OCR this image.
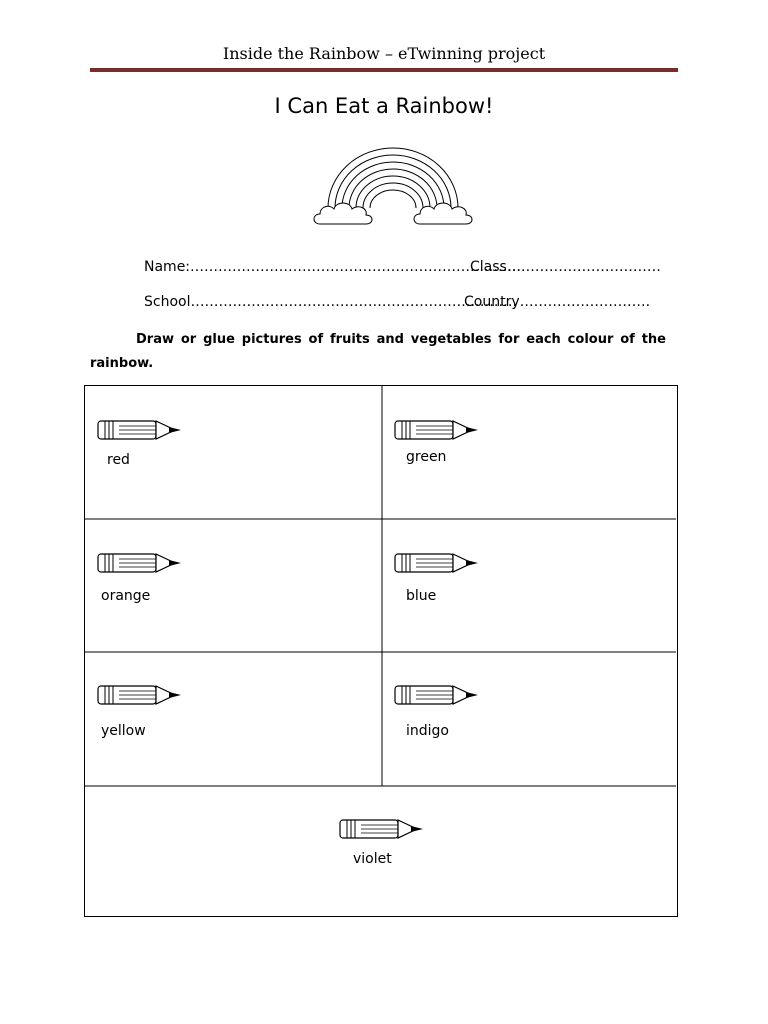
Inside the Rainbow – eTwinning project
I Can Eat a Rainbow!
Name:……………………………………………………………..
Class……………………………
School…………………………………………………………….
Country……………………….
Draw or glue pictures of fruits and vegetables for each colour of the rainbow.
red	green
orange	blue
yellow	indigo
violet
